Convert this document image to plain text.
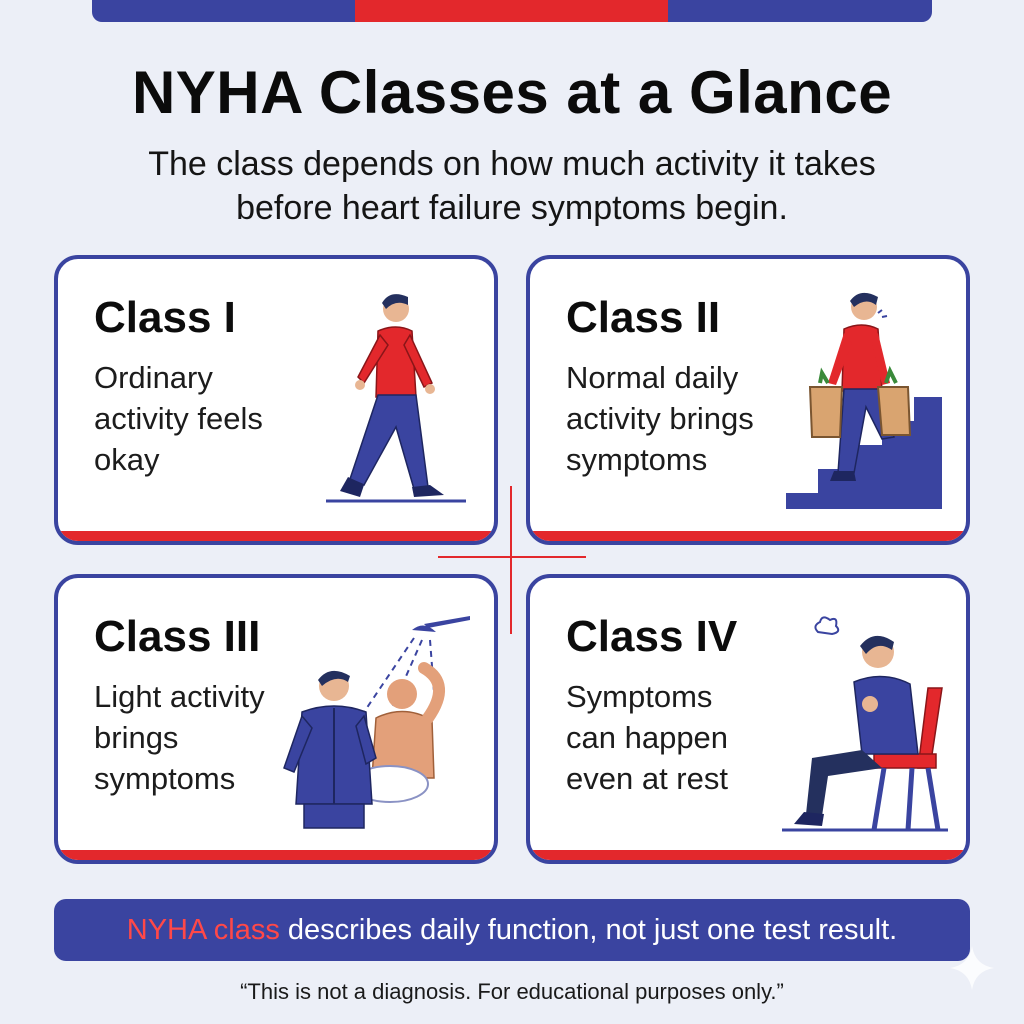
NYHA Classes at a Glance

The class depends on how much activity it takes before heart failure symptoms begin.

Class I
Ordinary activity feels okay
Class II
Normal daily activity brings symptoms
Class III
Light activity brings symptoms
Class IV
Symptoms can happen even at rest
NYHA class describes daily function, not just one test result.
“This is not a diagnosis. For educational purposes only.”
